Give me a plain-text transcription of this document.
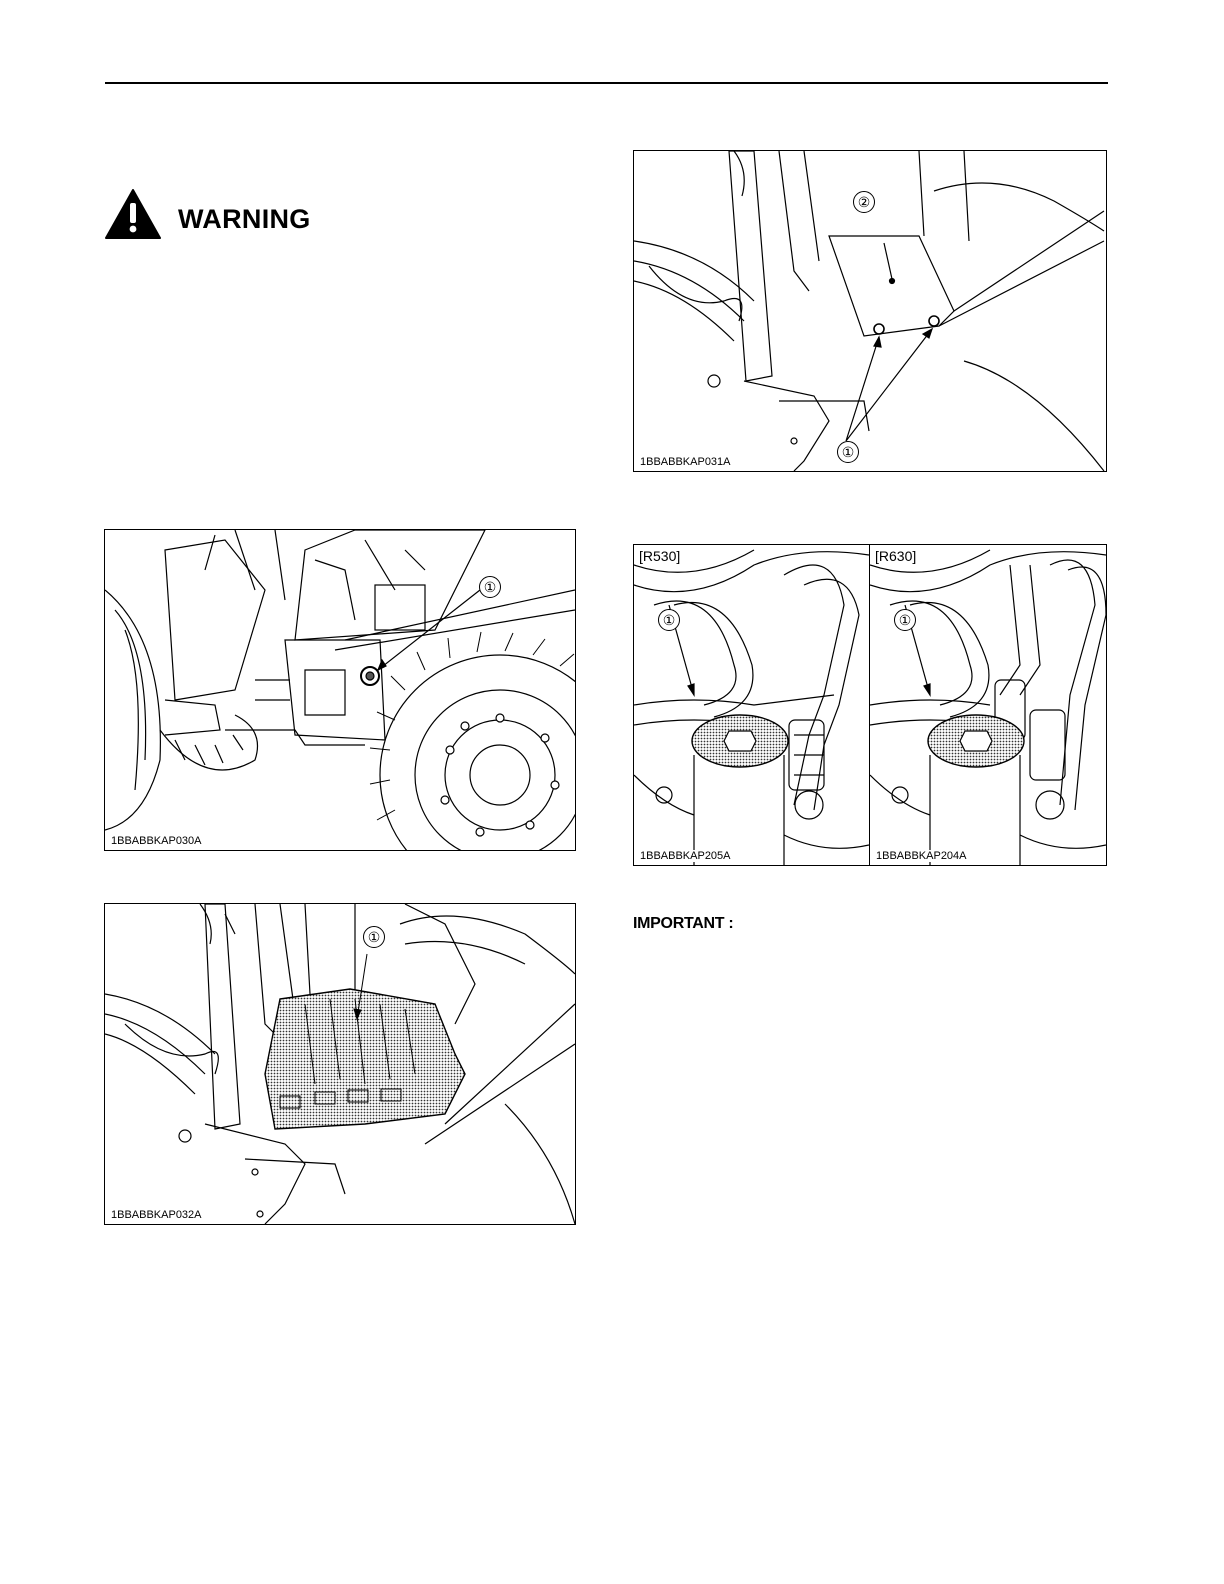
WARNING
①
1BBABBKAP030A
①
1BBABBKAP032A
②
①
1BBABBKAP031A
[R530]
①
1BBABBKAP205A
[R630]
①
1BBABBKAP204A
IMPORTANT :
